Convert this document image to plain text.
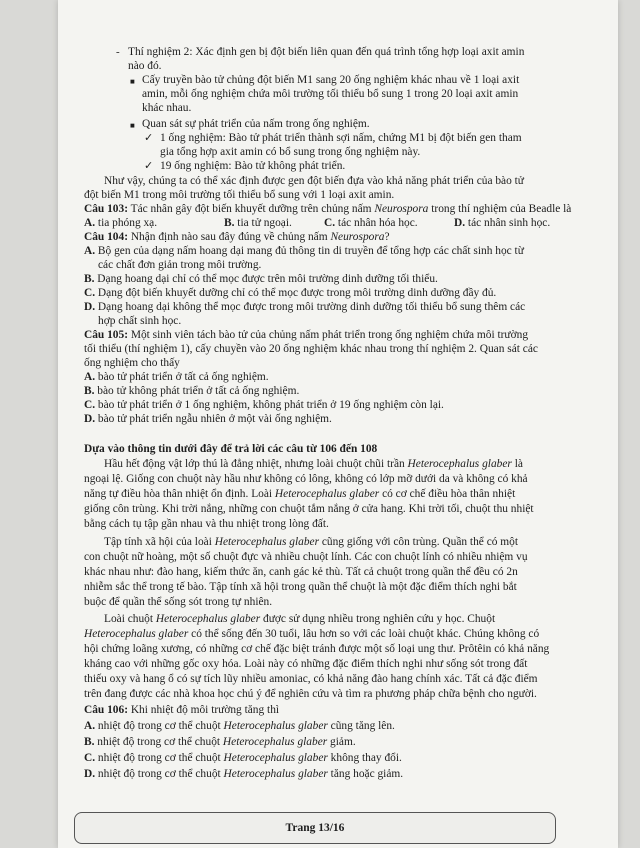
- Thí nghiệm 2: Xác định gen bị đột biến liên quan đến quá trình tổng hợp loại axit amin
nào đó.
■ Cấy truyền bào tử chủng đột biến M1 sang 20 ống nghiệm khác nhau về 1 loại axit
amin, mỗi ống nghiệm chứa môi trường tối thiểu bổ sung 1 trong 20 loại axit amin
khác nhau.
■ Quan sát sự phát triển của nấm trong ống nghiệm.
✓ 1 ống nghiệm: Bào tử phát triển thành sợi nấm, chứng M1 bị đột biến gen tham
gia tổng hợp axit amin có bổ sung trong ống nghiệm này.
✓ 19 ống nghiệm: Bào tử không phát triển.
Như vậy, chúng ta có thể xác định được gen đột biến đựa vào khả năng phát triển của bào tử
đột biến M1 trong môi trường tối thiểu bổ sung với 1 loại axit amin.
Câu 103: Tác nhân gây đột biến khuyết dưỡng trên chủng nấm Neurospora trong thí nghiệm của Beadle là
A. tia phóng xạ.	B. tia tử ngoại.	C. tác nhân hóa học.	D. tác nhân sinh học.
Câu 104: Nhận định nào sau đây đúng về chủng nấm Neurospora?
A. Bộ gen của dạng nấm hoang dại mang đủ thông tin di truyền để tổng hợp các chất sinh học từ
các chất đơn giản trong môi trường.
B. Dạng hoang dại chỉ có thể mọc được trên môi trường dinh dưỡng tối thiểu.
C. Dạng đột biến khuyết dưỡng chỉ có thể mọc được trong môi trường dinh dưỡng đầy đủ.
D. Dạng hoang dại không thể mọc được trong môi trường dinh dưỡng tối thiểu bổ sung thêm các
hợp chất sinh học.
Câu 105: Một sinh viên tách bào tử của chủng nấm phát triển trong ống nghiệm chứa môi trường
tối thiểu (thí nghiệm 1), cấy chuyền vào 20 ống nghiệm khác nhau trong thí nghiệm 2. Quan sát các
ống nghiệm cho thấy
A. bào tử phát triển ở tất cả ống nghiệm.
B. bào tử không phát triển ở tất cả ống nghiệm.
C. bào tử phát triển ở 1 ống nghiệm, không phát triển ở 19 ống nghiệm còn lại.
D. bào tử phát triển ngẫu nhiên ở một vài ống nghiệm.
Dựa vào thông tin dưới đây để trả lời các câu từ 106 đến 108
Hầu hết động vật lớp thú là đẳng nhiệt, nhưng loài chuột chũi trần Heterocephalus glaber là
ngoại lệ. Giống con chuột này hầu như không có lông, không có lớp mỡ dưới da và không có khả
năng tự điều hòa thân nhiệt ổn định. Loài Heterocephalus glaber có cơ chế điều hòa thân nhiệt
giống côn trùng. Khi trời nắng, những con chuột tắm nắng ở cửa hang. Khi trời tối, chuột thu nhiệt
bằng cách tụ tập gần nhau và thu nhiệt trong lòng đất.
Tập tính xã hội của loài Heterocephalus glaber cũng giống với côn trùng. Quần thể có một
con chuột nữ hoàng, một số chuột đực và nhiều chuột lính. Các con chuột lính có nhiều nhiệm vụ
khác nhau như: đào hang, kiếm thức ăn, canh gác kẻ thù. Tất cả chuột trong quần thể đều có 2n
nhiễm sắc thể trong tế bào. Tập tính xã hội trong quần thể chuột là một đặc điểm thích nghi bắt
buộc để quần thể sống sót trong tự nhiên.
Loài chuột Heterocephalus glaber được sử dụng nhiều trong nghiên cứu y học. Chuột
Heterocephalus glaber có thể sống đến 30 tuổi, lâu hơn so với các loài chuột khác. Chúng không có
hội chứng loãng xương, có những cơ chế đặc biệt tránh được một số loại ung thư. Prôtêin có khả năng
kháng cao với những gốc oxy hóa. Loài này có những đặc điểm thích nghi như sống sót trong đất
thiếu oxy và hang ổ có sự tích lũy nhiều amoniac, có khả năng đào hang chính xác. Tất cả đặc điểm
trên đang được các nhà khoa học chú ý để nghiên cứu và tìm ra phương pháp chữa bệnh cho người.
Câu 106: Khi nhiệt độ môi trường tăng thì
A. nhiệt độ trong cơ thể chuột Heterocephalus glaber cũng tăng lên.
B. nhiệt độ trong cơ thể chuột Heterocephalus glaber giảm.
C. nhiệt độ trong cơ thể chuột Heterocephalus glaber không thay đổi.
D. nhiệt độ trong cơ thể chuột Heterocephalus glaber tăng hoặc giảm.
Trang 13/16
